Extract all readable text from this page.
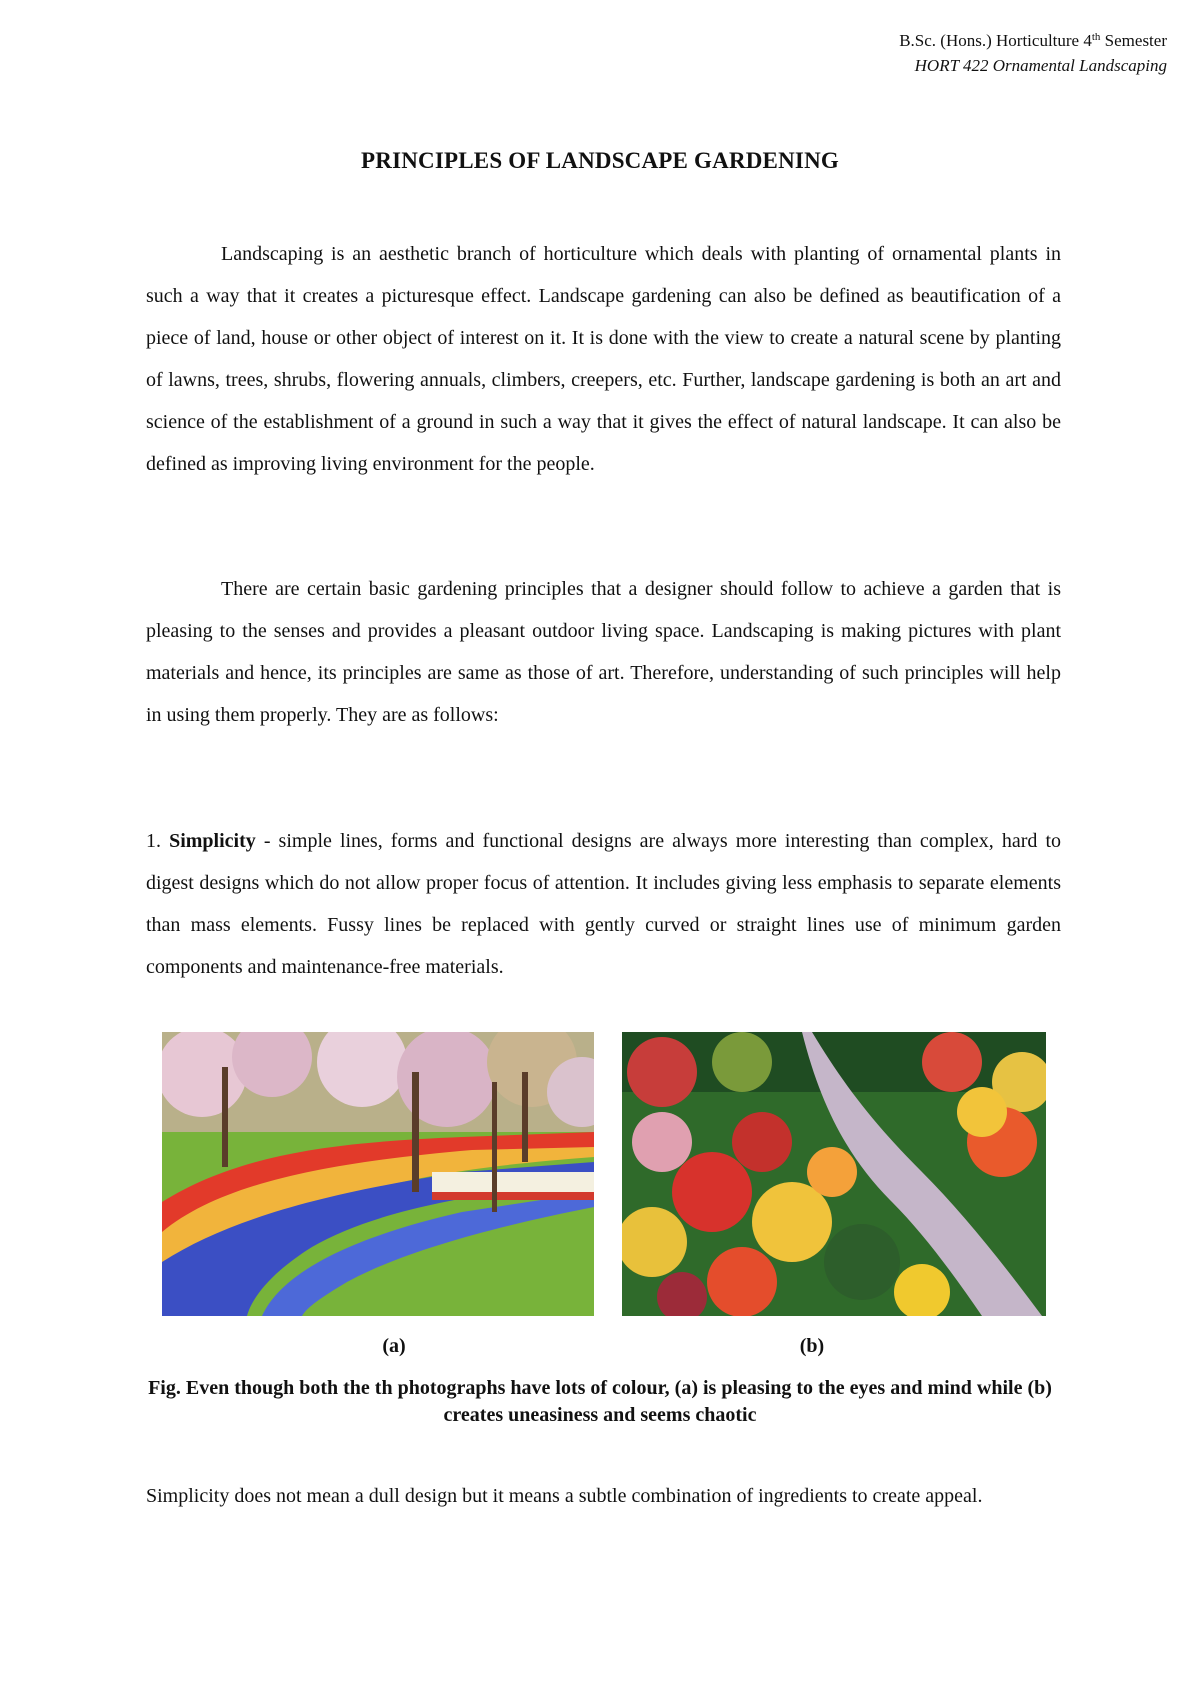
B.Sc. (Hons.) Horticulture 4th Semester
HORT 422 Ornamental Landscaping
PRINCIPLES OF LANDSCAPE GARDENING

Landscaping is an aesthetic branch of horticulture which deals with planting of ornamental plants in such a way that it creates a picturesque effect. Landscape gardening can also be defined as beautification of a piece of land, house or other object of interest on it. It is done with the view to create a natural scene by planting of lawns, trees, shrubs, flowering annuals, climbers, creepers, etc. Further, landscape gardening is both an art and science of the establishment of a ground in such a way that it gives the effect of natural landscape. It can also be defined as improving living environment for the people.

There are certain basic gardening principles that a designer should follow to achieve a garden that is pleasing to the senses and provides a pleasant outdoor living space. Landscaping is making pictures with plant materials and hence, its principles are same as those of art. Therefore, understanding of such principles will help in using them properly. They are as follows:

1. Simplicity - simple lines, forms and functional designs are always more interesting than complex, hard to digest designs which do not allow proper focus of attention. It includes giving less emphasis to separate elements than mass elements. Fussy lines be replaced with gently curved or straight lines use of minimum garden components and maintenance-free materials.

(a)	(b)
Fig. Even though both the th photographs have lots of colour, (a) is pleasing to the eyes and mind while (b) creates uneasiness and seems chaotic

Simplicity does not mean a dull design but it means a subtle combination of ingredients to create appeal.
